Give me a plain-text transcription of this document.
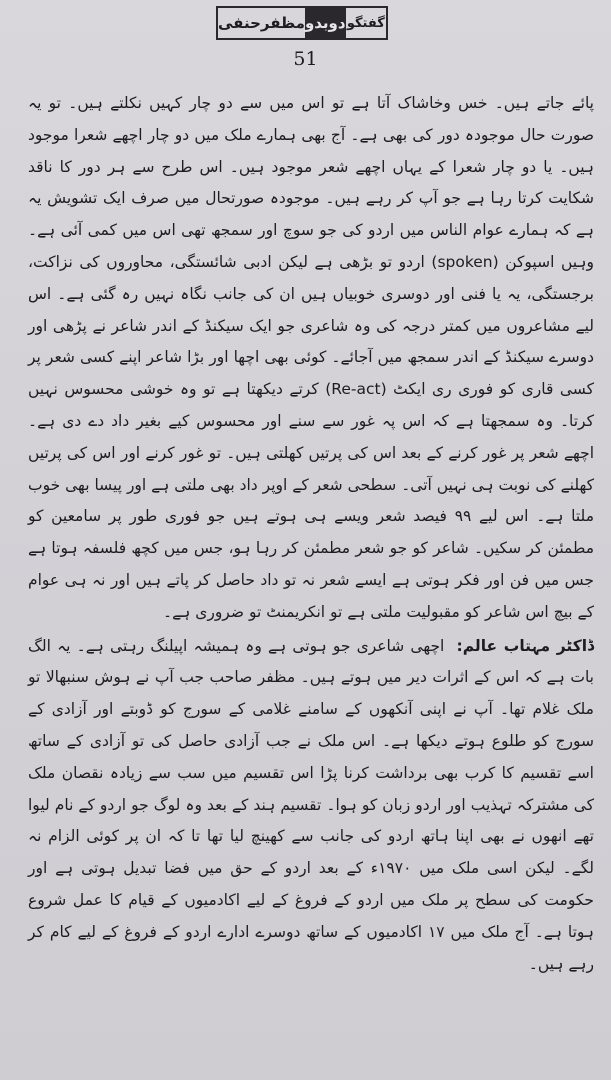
گفتگو
دوبدو
مظفرحنفی
51

پائے جاتے ہیں۔ خس وخاشاک آتا ہے تو اس میں سے دو چار کہیں نکلتے ہیں۔ تو یہ صورت حال موجودہ دور کی بھی ہے۔ آج بھی ہمارے ملک میں دو چار اچھے شعرا موجود ہیں۔ یا دو چار شعرا کے یہاں اچھے شعر موجود ہیں۔ اس طرح سے ہر دور کا ناقد شکایت کرتا رہا ہے جو آپ کر رہے ہیں۔ موجودہ صورتحال میں صرف ایک تشویش یہ ہے کہ ہمارے عوام الناس میں اردو کی جو سوچ اور سمجھ تھی اس میں کمی آئی ہے۔ وہیں اسپوکن (spoken) اردو تو بڑھی ہے لیکن ادبی شائستگی، محاوروں کی نزاکت، برجستگی، یہ یا فنی اور دوسری خوبیاں ہیں ان کی جانب نگاہ نہیں رہ گئی ہے۔ اس لیے مشاعروں میں کمتر درجہ کی وہ شاعری جو ایک سیکنڈ کے اندر شاعر نے پڑھی اور دوسرے سیکنڈ کے اندر سمجھ میں آجائے۔ کوئی بھی اچھا اور بڑا شاعر اپنے کسی شعر پر کسی قاری کو فوری ری ایکٹ (Re-act) کرتے دیکھتا ہے تو وہ خوشی محسوس نہیں کرتا۔ وہ سمجھتا ہے کہ اس پہ غور سے سنے اور محسوس کیے بغیر داد دے دی ہے۔ اچھے شعر پر غور کرنے کے بعد اس کی پرتیں کھلتی ہیں۔ تو غور کرنے اور اس کی پرتیں کھلنے کی نوبت ہی نہیں آتی۔ سطحی شعر کے اوپر داد بھی ملتی ہے اور پیسا بھی خوب ملتا ہے۔ اس لیے ۹۹ فیصد شعر ویسے ہی ہوتے ہیں جو فوری طور پر سامعین کو مطمئن کر سکیں۔ شاعر کو جو شعر مطمئن کر رہا ہو، جس میں کچھ فلسفہ ہوتا ہے جس میں فن اور فکر ہوتی ہے ایسے شعر نہ تو داد حاصل کر پاتے ہیں اور نہ ہی عوام کے بیچ اس شاعر کو مقبولیت ملتی ہے تو انکریمنٹ تو ضروری ہے۔

ڈاکٹر مہتاب عالم: اچھی شاعری جو ہوتی ہے وہ ہمیشہ اپیلنگ رہتی ہے۔ یہ الگ بات ہے کہ اس کے اثرات دیر میں ہوتے ہیں۔ مظفر صاحب جب آپ نے ہوش سنبھالا تو ملک غلام تھا۔ آپ نے اپنی آنکھوں کے سامنے غلامی کے سورج کو ڈوبتے اور آزادی کے سورج کو طلوع ہوتے دیکھا ہے۔ اس ملک نے جب آزادی حاصل کی تو آزادی کے ساتھ اسے تقسیم کا کرب بھی برداشت کرنا پڑا اس تقسیم میں سب سے زیادہ نقصان ملک کی مشترکہ تہذیب اور اردو زبان کو ہوا۔ تقسیم ہند کے بعد وہ لوگ جو اردو کے نام لیوا تھے انھوں نے بھی اپنا ہاتھ اردو کی جانب سے کھینچ لیا تھا تا کہ ان پر کوئی الزام نہ لگے۔ لیکن اسی ملک میں ۱۹۷۰ء کے بعد اردو کے حق میں فضا تبدیل ہوتی ہے اور حکومت کی سطح پر ملک میں اردو کے فروغ کے لیے اکادمیوں کے قیام کا عمل شروع ہوتا ہے۔ آج ملک میں ۱۷ اکادمیوں کے ساتھ دوسرے ادارے اردو کے فروغ کے لیے کام کر رہے ہیں۔
